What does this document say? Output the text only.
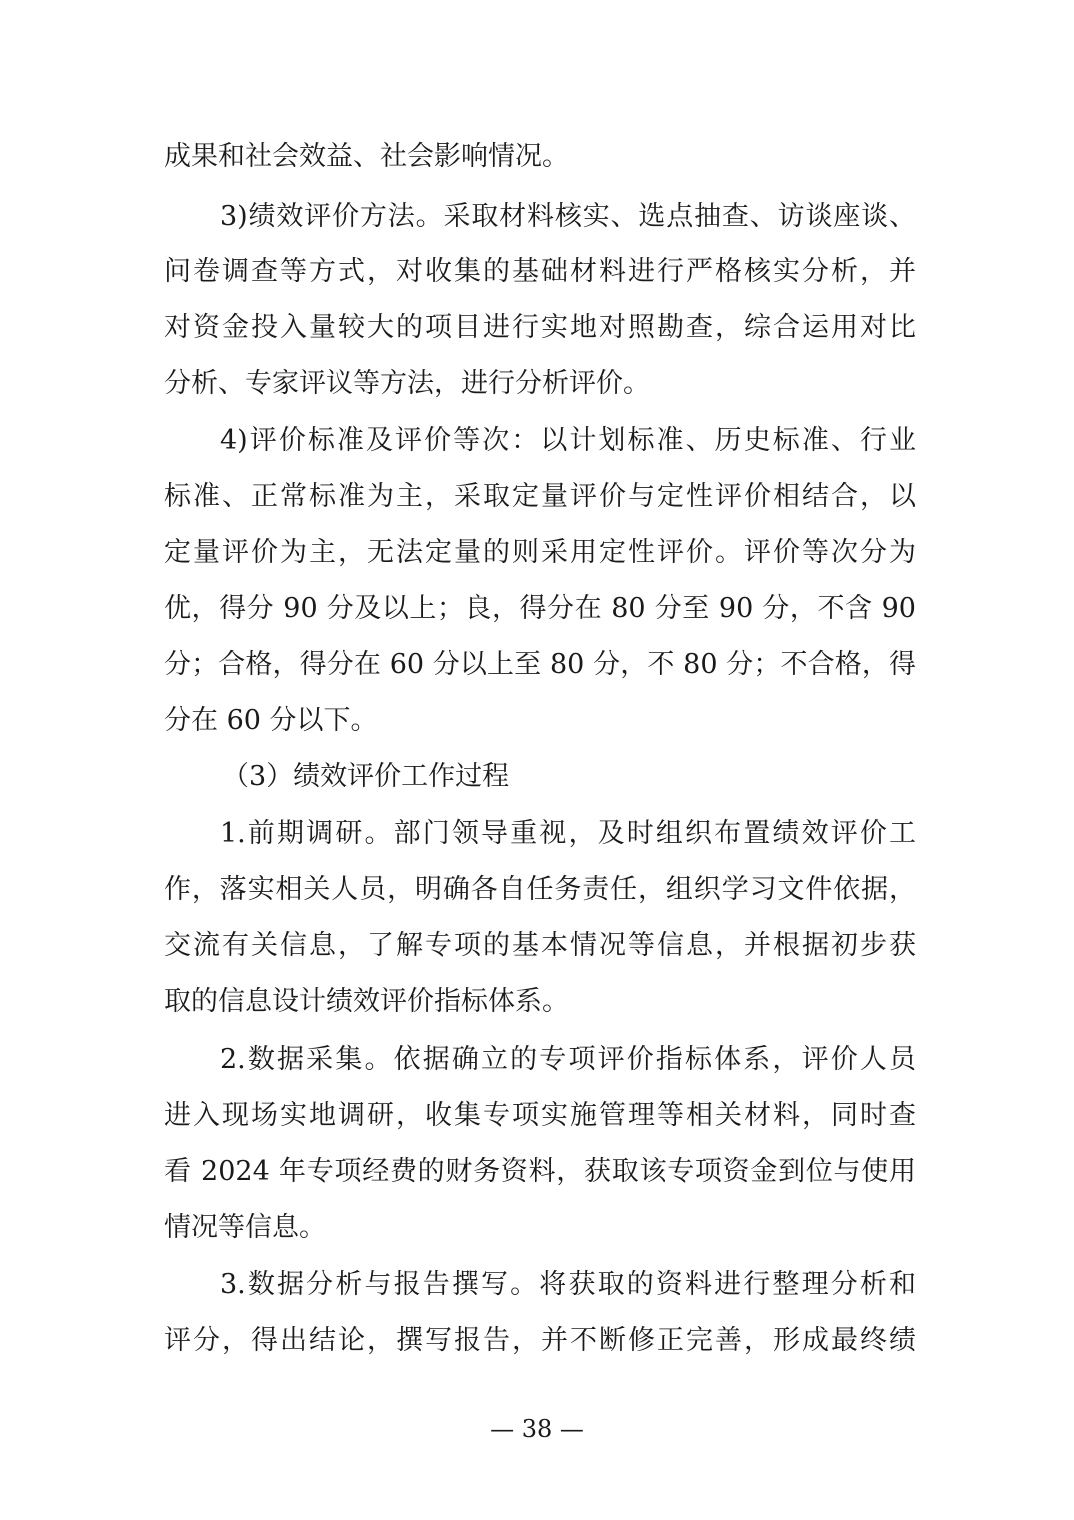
成果和社会效益、社会影响情况。
3)绩效评价方法。采取材料核实、选点抽查、访谈座谈、
问卷调查等方式，对收集的基础材料进行严格核实分析，并
对资金投入量较大的项目进行实地对照勘查，综合运用对比
分析、专家评议等方法，进行分析评价。
4)评价标准及评价等次：以计划标准、历史标准、行业
标准、正常标准为主，采取定量评价与定性评价相结合，以
定量评价为主，无法定量的则采用定性评价。评价等次分为
优，得分 90 分及以上；良，得分在 80 分至 90 分，不含 90
分；合格，得分在 60 分以上至 80 分，不 80 分；不合格，得
分在 60 分以下。
（3）绩效评价工作过程
1.前期调研。部门领导重视，及时组织布置绩效评价工
作，落实相关人员，明确各自任务责任，组织学习文件依据，
交流有关信息，了解专项的基本情况等信息，并根据初步获
取的信息设计绩效评价指标体系。
2.数据采集。依据确立的专项评价指标体系，评价人员
进入现场实地调研，收集专项实施管理等相关材料，同时查
看 2024 年专项经费的财务资料，获取该专项资金到位与使用
情况等信息。
3.数据分析与报告撰写。将获取的资料进行整理分析和
评分，得出结论，撰写报告，并不断修正完善，形成最终绩
— 38 —
